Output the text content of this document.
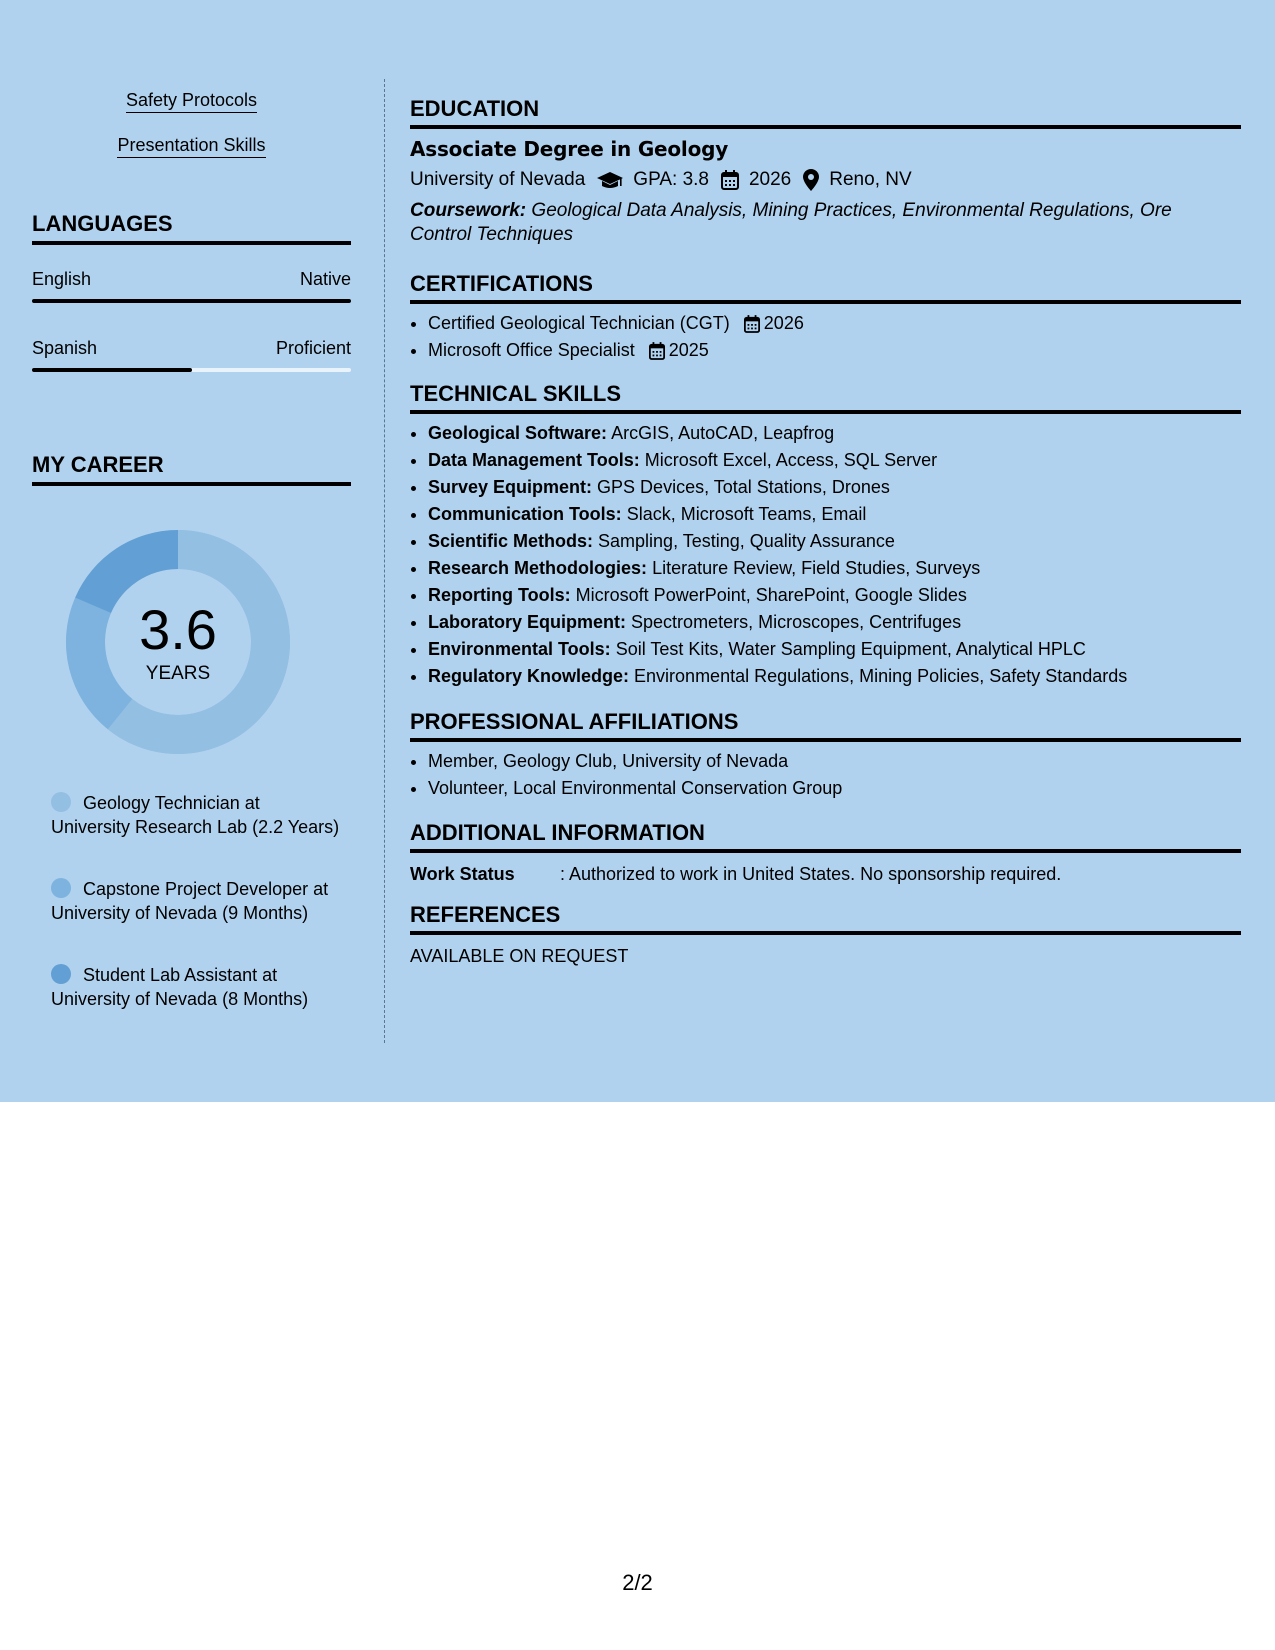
Safety Protocols
Presentation Skills
LANGUAGES
English	Native
Spanish	Proficient
MY CAREER
3.6
YEARS
Geology Technician at University Research Lab (2.2 Years)
Capstone Project Developer at University of Nevada (9 Months)
Student Lab Assistant at University of Nevada (8 Months)
EDUCATION
Associate Degree in Geology
University of Nevada	GPA: 3.8 2026 Reno, NV
Coursework: Geological Data Analysis, Mining Practices, Environmental Regulations, Ore Control Techniques
CERTIFICATIONS
• Certified Geological Technician (CGT) 2026
• Microsoft Office Specialist 2025
TECHNICAL SKILLS
• Geological Software: ArcGIS, AutoCAD, Leapfrog
• Data Management Tools: Microsoft Excel, Access, SQL Server
• Survey Equipment: GPS Devices, Total Stations, Drones
• Communication Tools: Slack, Microsoft Teams, Email
• Scientific Methods: Sampling, Testing, Quality Assurance
• Research Methodologies: Literature Review, Field Studies, Surveys
• Reporting Tools: Microsoft PowerPoint, SharePoint, Google Slides
• Laboratory Equipment: Spectrometers, Microscopes, Centrifuges
• Environmental Tools: Soil Test Kits, Water Sampling Equipment, Analytical HPLC
• Regulatory Knowledge: Environmental Regulations, Mining Policies, Safety Standards
PROFESSIONAL AFFILIATIONS
• Member, Geology Club, University of Nevada
• Volunteer, Local Environmental Conservation Group
ADDITIONAL INFORMATION
Work Status	: Authorized to work in United States. No sponsorship required.
REFERENCES
AVAILABLE ON REQUEST
2/2
